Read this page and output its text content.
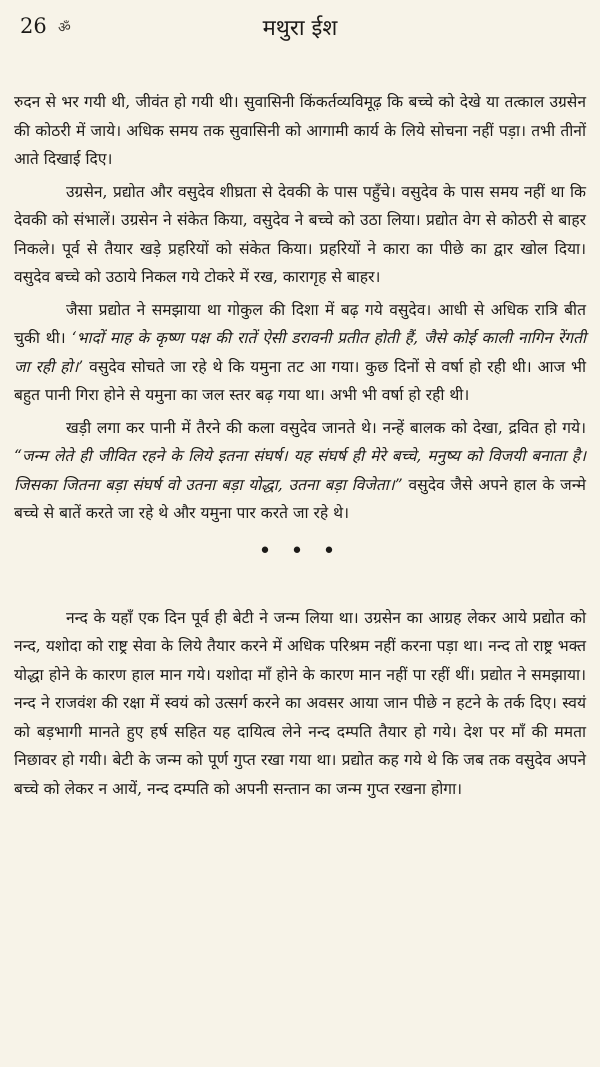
26 ॐ	मथुरा ईश

रुदन से भर गयी थी, जीवंत हो गयी थी। सुवासिनी किंकर्तव्यविमूढ़ कि बच्चे को देखे या तत्काल उग्रसेन की कोठरी में जाये। अधिक समय तक सुवासिनी को आगामी कार्य के लिये सोचना नहीं पड़ा। तभी तीनों आते दिखाई दिए।

उग्रसेन, प्रद्योत और वसुदेव शीघ्रता से देवकी के पास पहुँचे। वसुदेव के पास समय नहीं था कि देवकी को संभालें। उग्रसेन ने संकेत किया, वसुदेव ने बच्चे को उठा लिया। प्रद्योत वेग से कोठरी से बाहर निकले। पूर्व से तैयार खड़े प्रहरियों को संकेत किया। प्रहरियों ने कारा का पीछे का द्वार खोल दिया। वसुदेव बच्चे को उठाये निकल गये टोकरे में रख, कारागृह से बाहर।

जैसा प्रद्योत ने समझाया था गोकुल की दिशा में बढ़ गये वसुदेव। आधी से अधिक रात्रि बीत चुकी थी। ‘भादों माह के कृष्ण पक्ष की रातें ऐसी डरावनी प्रतीत होती हैं, जैसे कोई काली नागिन रेंगती जा रही हो।’ वसुदेव सोचते जा रहे थे कि यमुना तट आ गया। कुछ दिनों से वर्षा हो रही थी। आज भी बहुत पानी गिरा होने से यमुना का जल स्तर बढ़ गया था। अभी भी वर्षा हो रही थी।

खड़ी लगा कर पानी में तैरने की कला वसुदेव जानते थे। नन्हें बालक को देखा, द्रवित हो गये। “जन्म लेते ही जीवित रहने के लिये इतना संघर्ष। यह संघर्ष ही मेरे बच्चे, मनुष्य को विजयी बनाता है। जिसका जितना बड़ा संघर्ष वो उतना बड़ा योद्धा, उतना बड़ा विजेता।” वसुदेव जैसे अपने हाल के जन्मे बच्चे से बातें करते जा रहे थे और यमुना पार करते जा रहे थे।

• • •

नन्द के यहाँ एक दिन पूर्व ही बेटी ने जन्म लिया था। उग्रसेन का आग्रह लेकर आये प्रद्योत को नन्द, यशोदा को राष्ट्र सेवा के लिये तैयार करने में अधिक परिश्रम नहीं करना पड़ा था। नन्द तो राष्ट्र भक्त योद्धा होने के कारण हाल मान गये। यशोदा माँ होने के कारण मान नहीं पा रहीं थीं। प्रद्योत ने समझाया। नन्द ने राजवंश की रक्षा में स्वयं को उत्सर्ग करने का अवसर आया जान पीछे न हटने के तर्क दिए। स्वयं को बड़भागी मानते हुए हर्ष सहित यह दायित्व लेने नन्द दम्पति तैयार हो गये। देश पर माँ की ममता निछावर हो गयी। बेटी के जन्म को पूर्ण गुप्त रखा गया था। प्रद्योत कह गये थे कि जब तक वसुदेव अपने बच्चे को लेकर न आयें, नन्द दम्पति को अपनी सन्तान का जन्म गुप्त रखना होगा।
